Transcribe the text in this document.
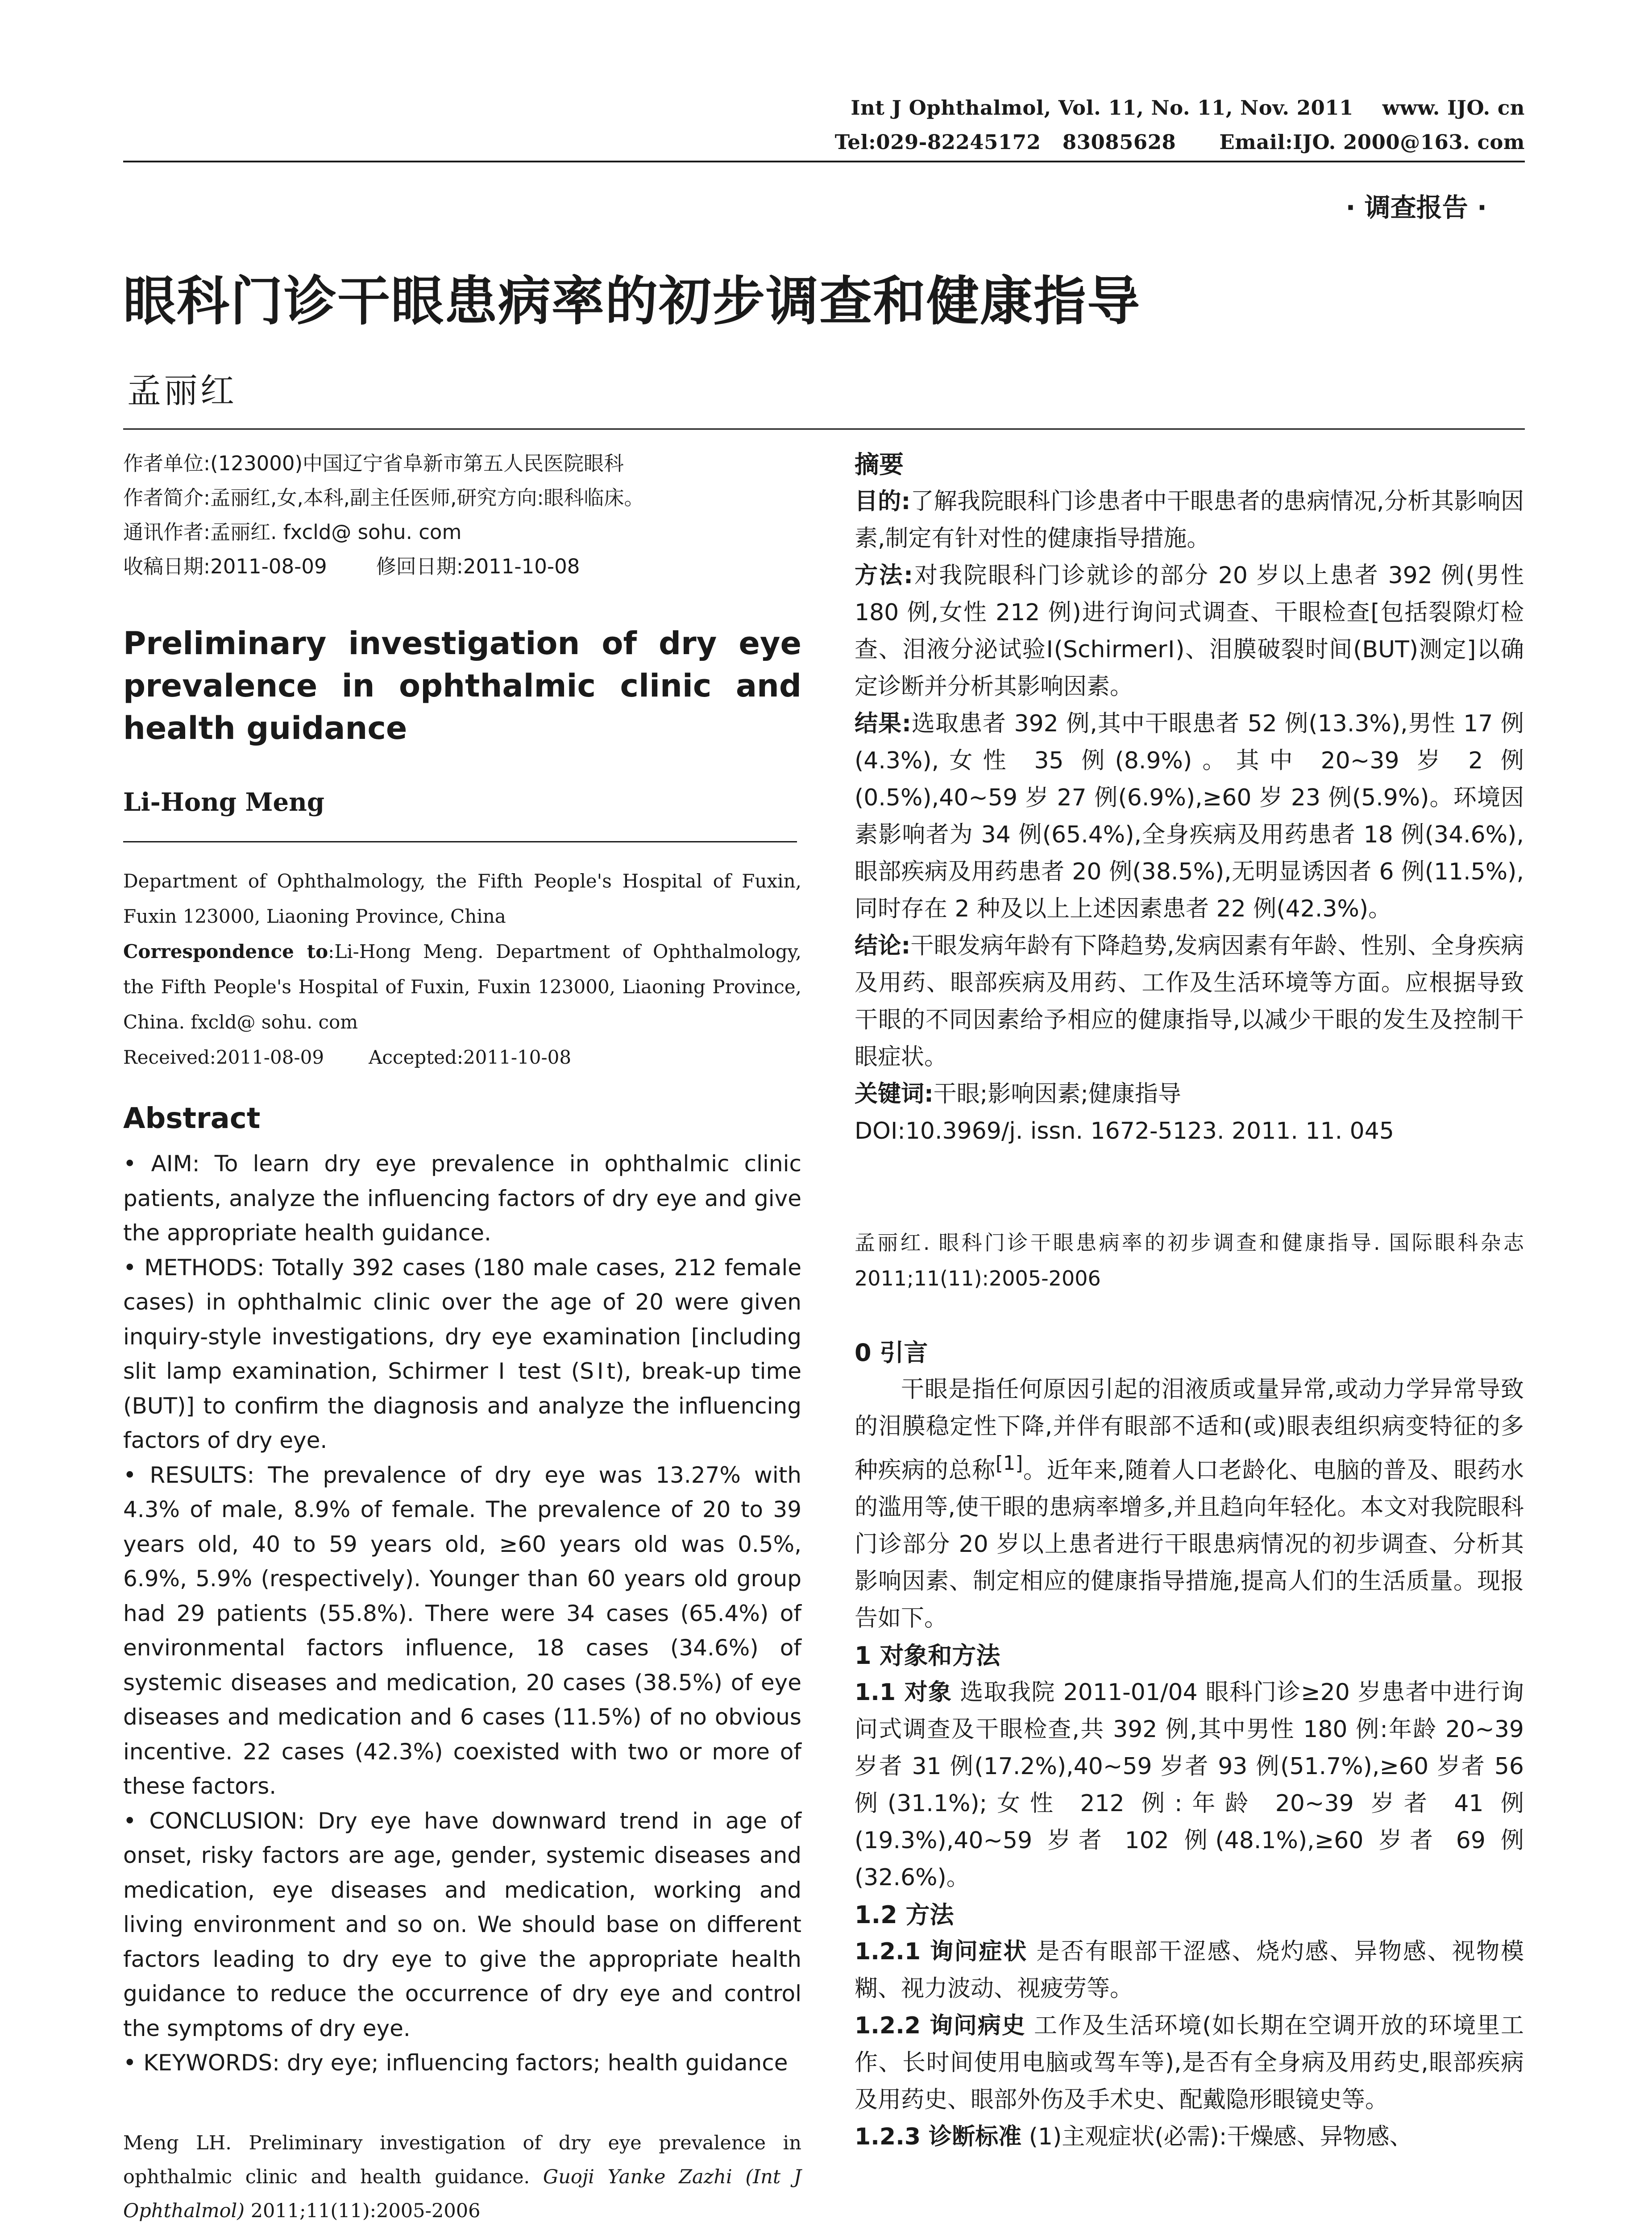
Int J Ophthalmol, Vol. 11, No. 11, Nov. 2011    www. IJO. cn
Tel:029-82245172   83085628      Email:IJO. 2000@163. com
· 调查报告 ·
眼科门诊干眼患病率的初步调查和健康指导
孟丽红
作者单位:(123000)中国辽宁省阜新市第五人民医院眼科
作者简介:孟丽红,女,本科,副主任医师,研究方向:眼科临床。
通讯作者:孟丽红. fxcld@ sohu. com
收稿日期:2011-08-09 修回日期:2011-10-08
Preliminary investigation of dry eye prevalence in ophthalmic clinic and health guidance
Li-Hong Meng
Department of Ophthalmology, the Fifth People's Hospital of Fuxin, Fuxin 123000, Liaoning Province, China
Correspondence to:Li-Hong Meng. Department of Ophthalmology, the Fifth People's Hospital of Fuxin, Fuxin 123000, Liaoning Province, China. fxcld@ sohu. com
Received:2011-08-09 Accepted:2011-10-08
Abstract

• AIM: To learn dry eye prevalence in ophthalmic clinic patients, analyze the influencing factors of dry eye and give the appropriate health guidance.

• METHODS: Totally 392 cases (180 male cases, 212 female cases) in ophthalmic clinic over the age of 20 were given inquiry-style investigations, dry eye examination [including slit lamp examination, Schirmer Ⅰ test (SⅠt), break-up time (BUT)] to confirm the diagnosis and analyze the influencing factors of dry eye.

• RESULTS: The prevalence of dry eye was 13.27% with 4.3% of male, 8.9% of female. The prevalence of 20 to 39 years old, 40 to 59 years old, ≥60 years old was 0.5%, 6.9%, 5.9% (respectively). Younger than 60 years old group had 29 patients (55.8%). There were 34 cases (65.4%) of environmental factors influence, 18 cases (34.6%) of systemic diseases and medication, 20 cases (38.5%) of eye diseases and medication and 6 cases (11.5%) of no obvious incentive. 22 cases (42.3%) coexisted with two or more of these factors.

• CONCLUSION: Dry eye have downward trend in age of onset, risky factors are age, gender, systemic diseases and medication, eye diseases and medication, working and living environment and so on. We should base on different factors leading to dry eye to give the appropriate health guidance to reduce the occurrence of dry eye and control the symptoms of dry eye.

• KEYWORDS: dry eye; influencing factors; health guidance

Meng LH. Preliminary investigation of dry eye prevalence in ophthalmic clinic and health guidance. Guoji Yanke Zazhi (Int J Ophthalmol) 2011;11(11):2005-2006
摘要

目的:了解我院眼科门诊患者中干眼患者的患病情况,分析其影响因素,制定有针对性的健康指导措施。

方法:对我院眼科门诊就诊的部分 20 岁以上患者 392 例(男性 180 例,女性 212 例)进行询问式调查、干眼检查[包括裂隙灯检查、泪液分泌试验Ⅰ(SchirmerⅠ)、泪膜破裂时间(BUT)测定]以确定诊断并分析其影响因素。

结果:选取患者 392 例,其中干眼患者 52 例(13.3%),男性 17 例(4.3%),女性 35 例(8.9%)。其中 20~39 岁 2 例(0.5%),40~59 岁 27 例(6.9%),≥60 岁 23 例(5.9%)。环境因素影响者为 34 例(65.4%),全身疾病及用药患者 18 例(34.6%),眼部疾病及用药患者 20 例(38.5%),无明显诱因者 6 例(11.5%),同时存在 2 种及以上上述因素患者 22 例(42.3%)。

结论:干眼发病年龄有下降趋势,发病因素有年龄、性别、全身疾病及用药、眼部疾病及用药、工作及生活环境等方面。应根据导致干眼的不同因素给予相应的健康指导,以减少干眼的发生及控制干眼症状。

关键词:干眼;影响因素;健康指导

DOI:10.3969/j. issn. 1672-5123. 2011. 11. 045

孟丽红. 眼科门诊干眼患病率的初步调查和健康指导. 国际眼科杂志 2011;11(11):2005-2006
0 引言

干眼是指任何原因引起的泪液质或量异常,或动力学异常导致的泪膜稳定性下降,并伴有眼部不适和(或)眼表组织病变特征的多种疾病的总称[1]。近年来,随着人口老龄化、电脑的普及、眼药水的滥用等,使干眼的患病率增多,并且趋向年轻化。本文对我院眼科门诊部分 20 岁以上患者进行干眼患病情况的初步调查、分析其影响因素、制定相应的健康指导措施,提高人们的生活质量。现报告如下。

1 对象和方法

1.1 对象 选取我院 2011-01/04 眼科门诊≥20 岁患者中进行询问式调查及干眼检查,共 392 例,其中男性 180 例:年龄 20~39 岁者 31 例(17.2%),40~59 岁者 93 例(51.7%),≥60 岁者 56 例(31.1%);女性 212 例:年龄 20~39 岁者 41 例(19.3%),40~59 岁者 102 例(48.1%),≥60 岁者 69 例(32.6%)。

1.2 方法

1.2.1 询问症状 是否有眼部干涩感、烧灼感、异物感、视物模糊、视力波动、视疲劳等。

1.2.2 询问病史 工作及生活环境(如长期在空调开放的环境里工作、长时间使用电脑或驾车等),是否有全身病及用药史,眼部疾病及用药史、眼部外伤及手术史、配戴隐形眼镜史等。

1.2.3 诊断标准 (1)主观症状(必需):干燥感、异物感、
